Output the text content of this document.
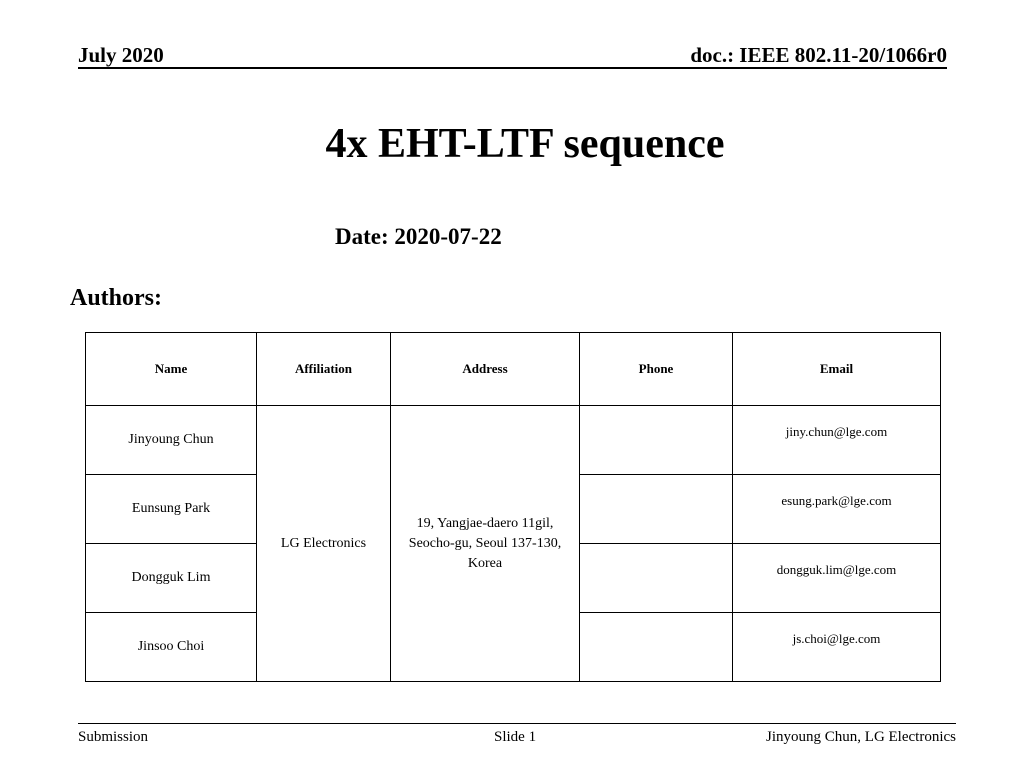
July 2020	doc.: IEEE 802.11-20/1066r0
4x EHT-LTF sequence
Date: 2020-07-22
Authors:
Name	Affiliation	Address	Phone	Email
Jinyoung Chun	LG Electronics	19, Yangjae-daero 11gil, Seocho-gu, Seoul 137-130, Korea		jiny.chun@lge.com
Eunsung Park				esung.park@lge.com
Dongguk Lim				dongguk.lim@lge.com
Jinsoo Choi				js.choi@lge.com
Submission	Slide 1	Jinyoung Chun, LG Electronics
